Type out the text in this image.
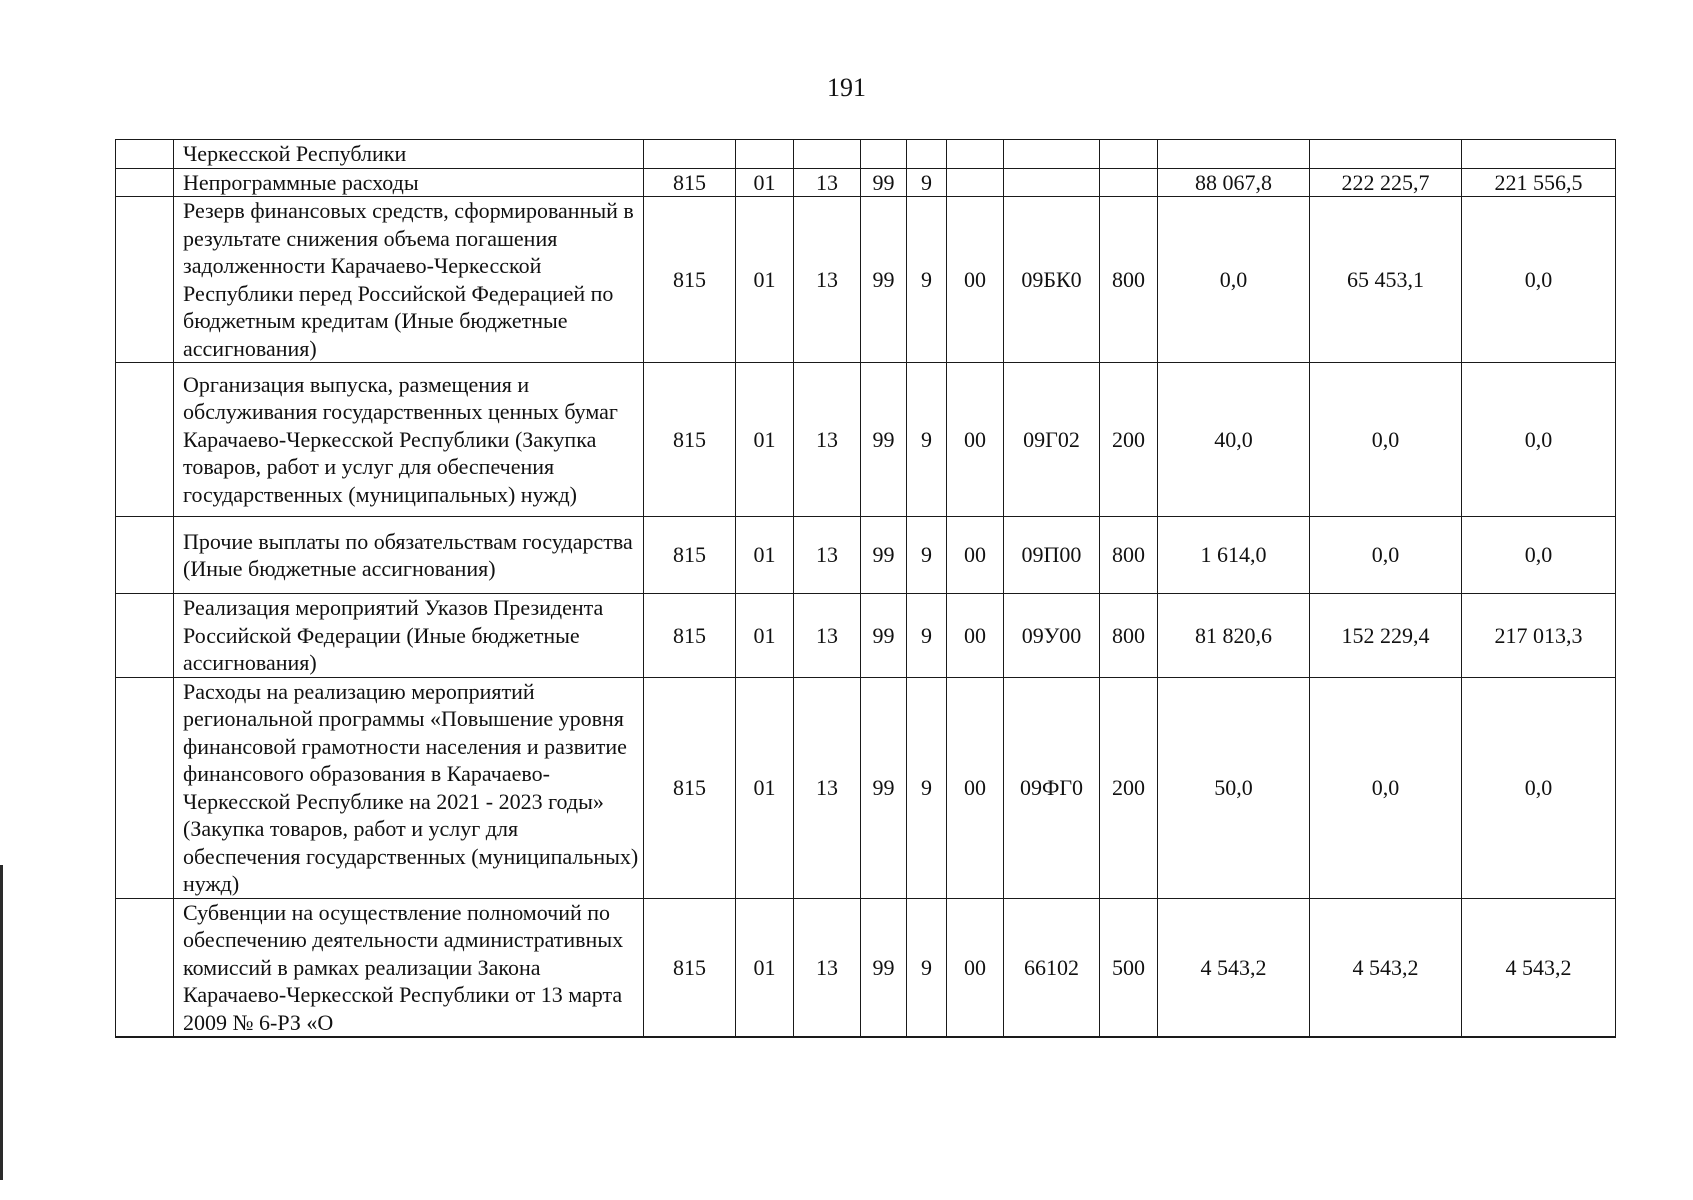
191
	Черкесской Республики											
	Непрограммные расходы	815	01	13	99	9				88 067,8	222 225,7	221 556,5
	Резерв финансовых средств, сформированный в результате снижения объема погашения задолженности Карачаево-Черкесской Республики перед Российской Федерацией по бюджетным кредитам (Иные бюджетные ассигнования)	815	01	13	99	9	00	09БК0	800	0,0	65 453,1	0,0
	Организация выпуска, размещения и обслуживания государственных ценных бумаг Карачаево-Черкесской Республики (Закупка товаров, работ и услуг для обеспечения государственных (муниципальных) нужд)	815	01	13	99	9	00	09Г02	200	40,0	0,0	0,0
	Прочие выплаты по обязательствам государства (Иные бюджетные ассигнования)	815	01	13	99	9	00	09П00	800	1 614,0	0,0	0,0
	Реализация мероприятий Указов Президента Российской Федерации (Иные бюджетные ассигнования)	815	01	13	99	9	00	09У00	800	81 820,6	152 229,4	217 013,3
	Расходы на реализацию мероприятий региональной программы «Повышение уровня финансовой грамотности населения и развитие финансового образования в Карачаево-Черкесской Республике на 2021 - 2023 годы» (Закупка товаров, работ и услуг для обеспечения государственных (муниципальных) нужд)	815	01	13	99	9	00	09ФГ0	200	50,0	0,0	0,0
	Субвенции на осуществление полномочий по обеспечению деятельности административных комиссий в рамках реализации Закона Карачаево-Черкесской Республики от 13 марта 2009 № 6-РЗ «О	815	01	13	99	9	00	66102	500	4 543,2	4 543,2	4 543,2
